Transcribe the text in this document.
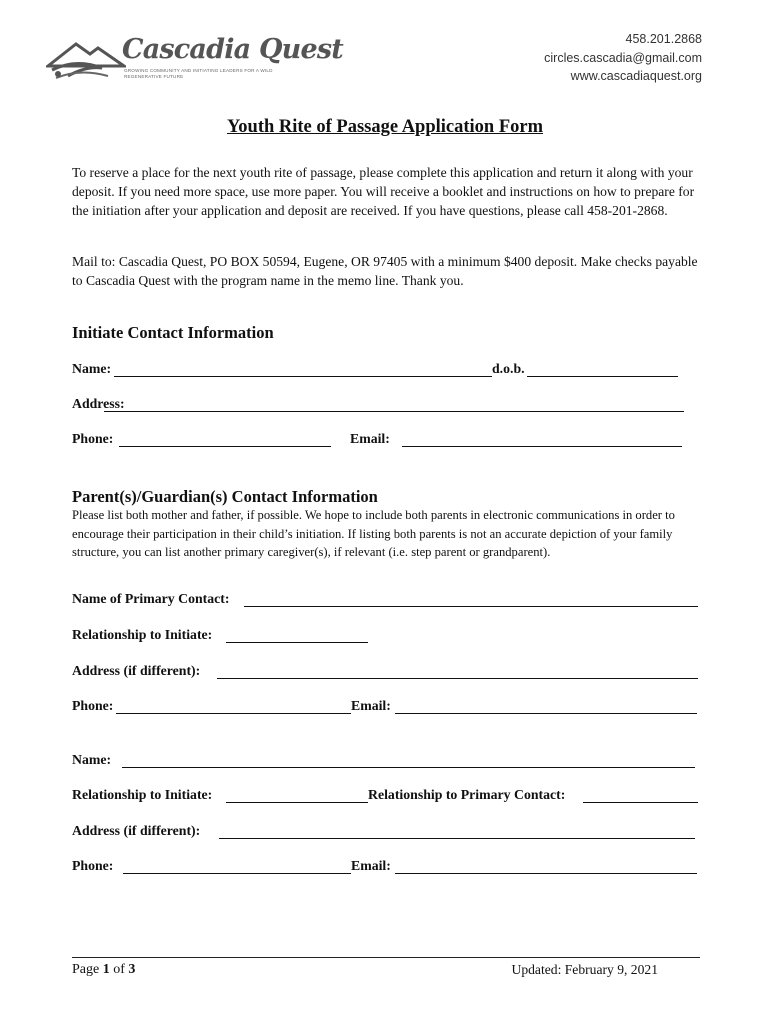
Cascadia Quest
GROWING COMMUNITY AND INITIATING LEADERS FOR A WILD REGENERATIVE FUTURE
458.201.2868
circles.cascadia@gmail.com
www.cascadiaquest.org
Youth Rite of Passage Application Form
To reserve a place for the next youth rite of passage, please complete this application and return it along with your deposit. If you need more space, use more paper. You will receive a booklet and instructions on how to prepare for the initiation after your application and deposit are received. If you have questions, please call 458-201-2868.
Mail to: Cascadia Quest, PO BOX 50594, Eugene, OR 97405 with a minimum $400 deposit. Make checks payable to Cascadia Quest with the program name in the memo line. Thank you.
Initiate Contact Information
Name:	d.o.b.
Address:
Phone:	Email:
Parent(s)/Guardian(s) Contact Information
Please list both mother and father, if possible. We hope to include both parents in electronic communications in order to encourage their participation in their child’s initiation. If listing both parents is not an accurate depiction of your family structure, you can list another primary caregiver(s), if relevant (i.e. step parent or grandparent).
Name of Primary Contact:
Relationship to Initiate:
Address (if different):
Phone:	Email:
Name:
Relationship to Initiate:	Relationship to Primary Contact:
Address (if different):
Phone:	Email:
Page 1 of 3	Updated: February 9, 2021
